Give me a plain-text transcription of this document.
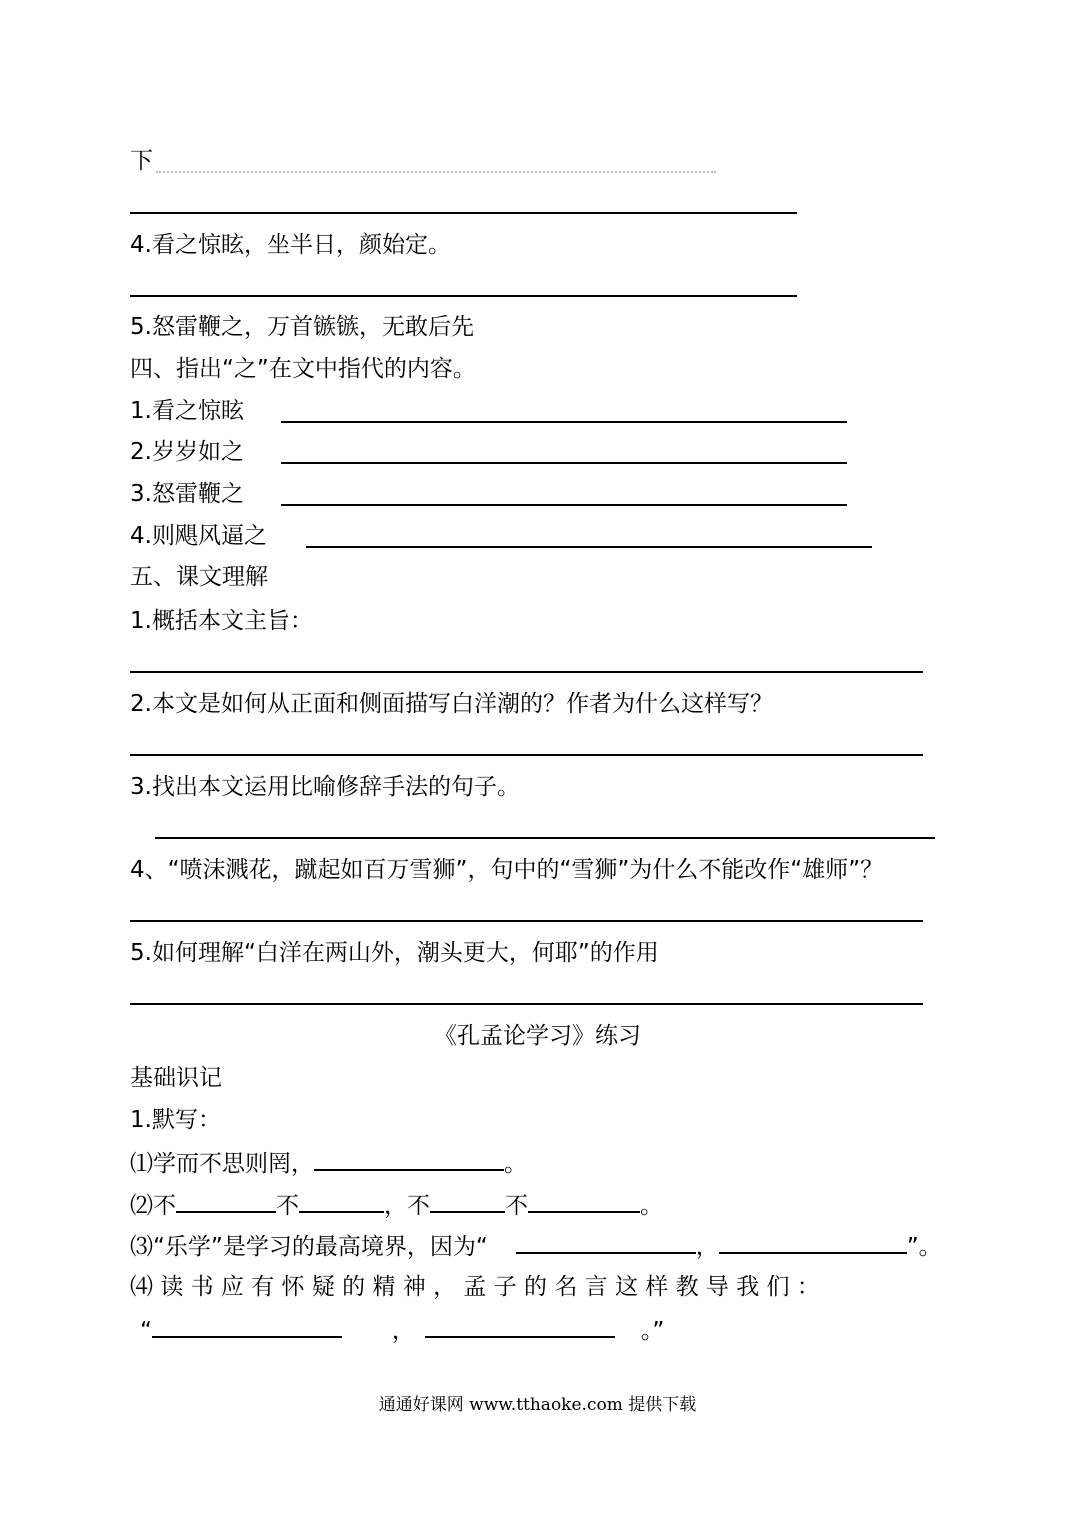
下
4.看之惊眩，坐半日，颜始定。
5.怒雷鞭之，万首镞镞，无敢后先
四、指出“之”在文中指代的内容。
1.看之惊眩
2.岁岁如之
3.怒雷鞭之
4.则飓风逼之
五、课文理解
1.概括本文主旨：
2.本文是如何从正面和侧面描写白洋潮的？作者为什么这样写？
3.找出本文运用比喻修辞手法的句子。
4、“喷沫溅花，蹴起如百万雪狮”，句中的“雪狮”为什么不能改作“雄师”？
5.如何理解“白洋在两山外，潮头更大，何耶”的作用
《孔孟论学习》练习
基础识记
1.默写：
⑴学而不思则罔，	。
⑵不	不	，不	不	。
⑶“乐学”是学习的最高境界，因为“	，	”。
⑷ 读 书 应 有 怀 疑 的 精 神 ， 孟 子 的 名 言 这 样 教 导 我 们 ：
“	，	。”
通通好课网 www.tthaoke.com 提供下载
